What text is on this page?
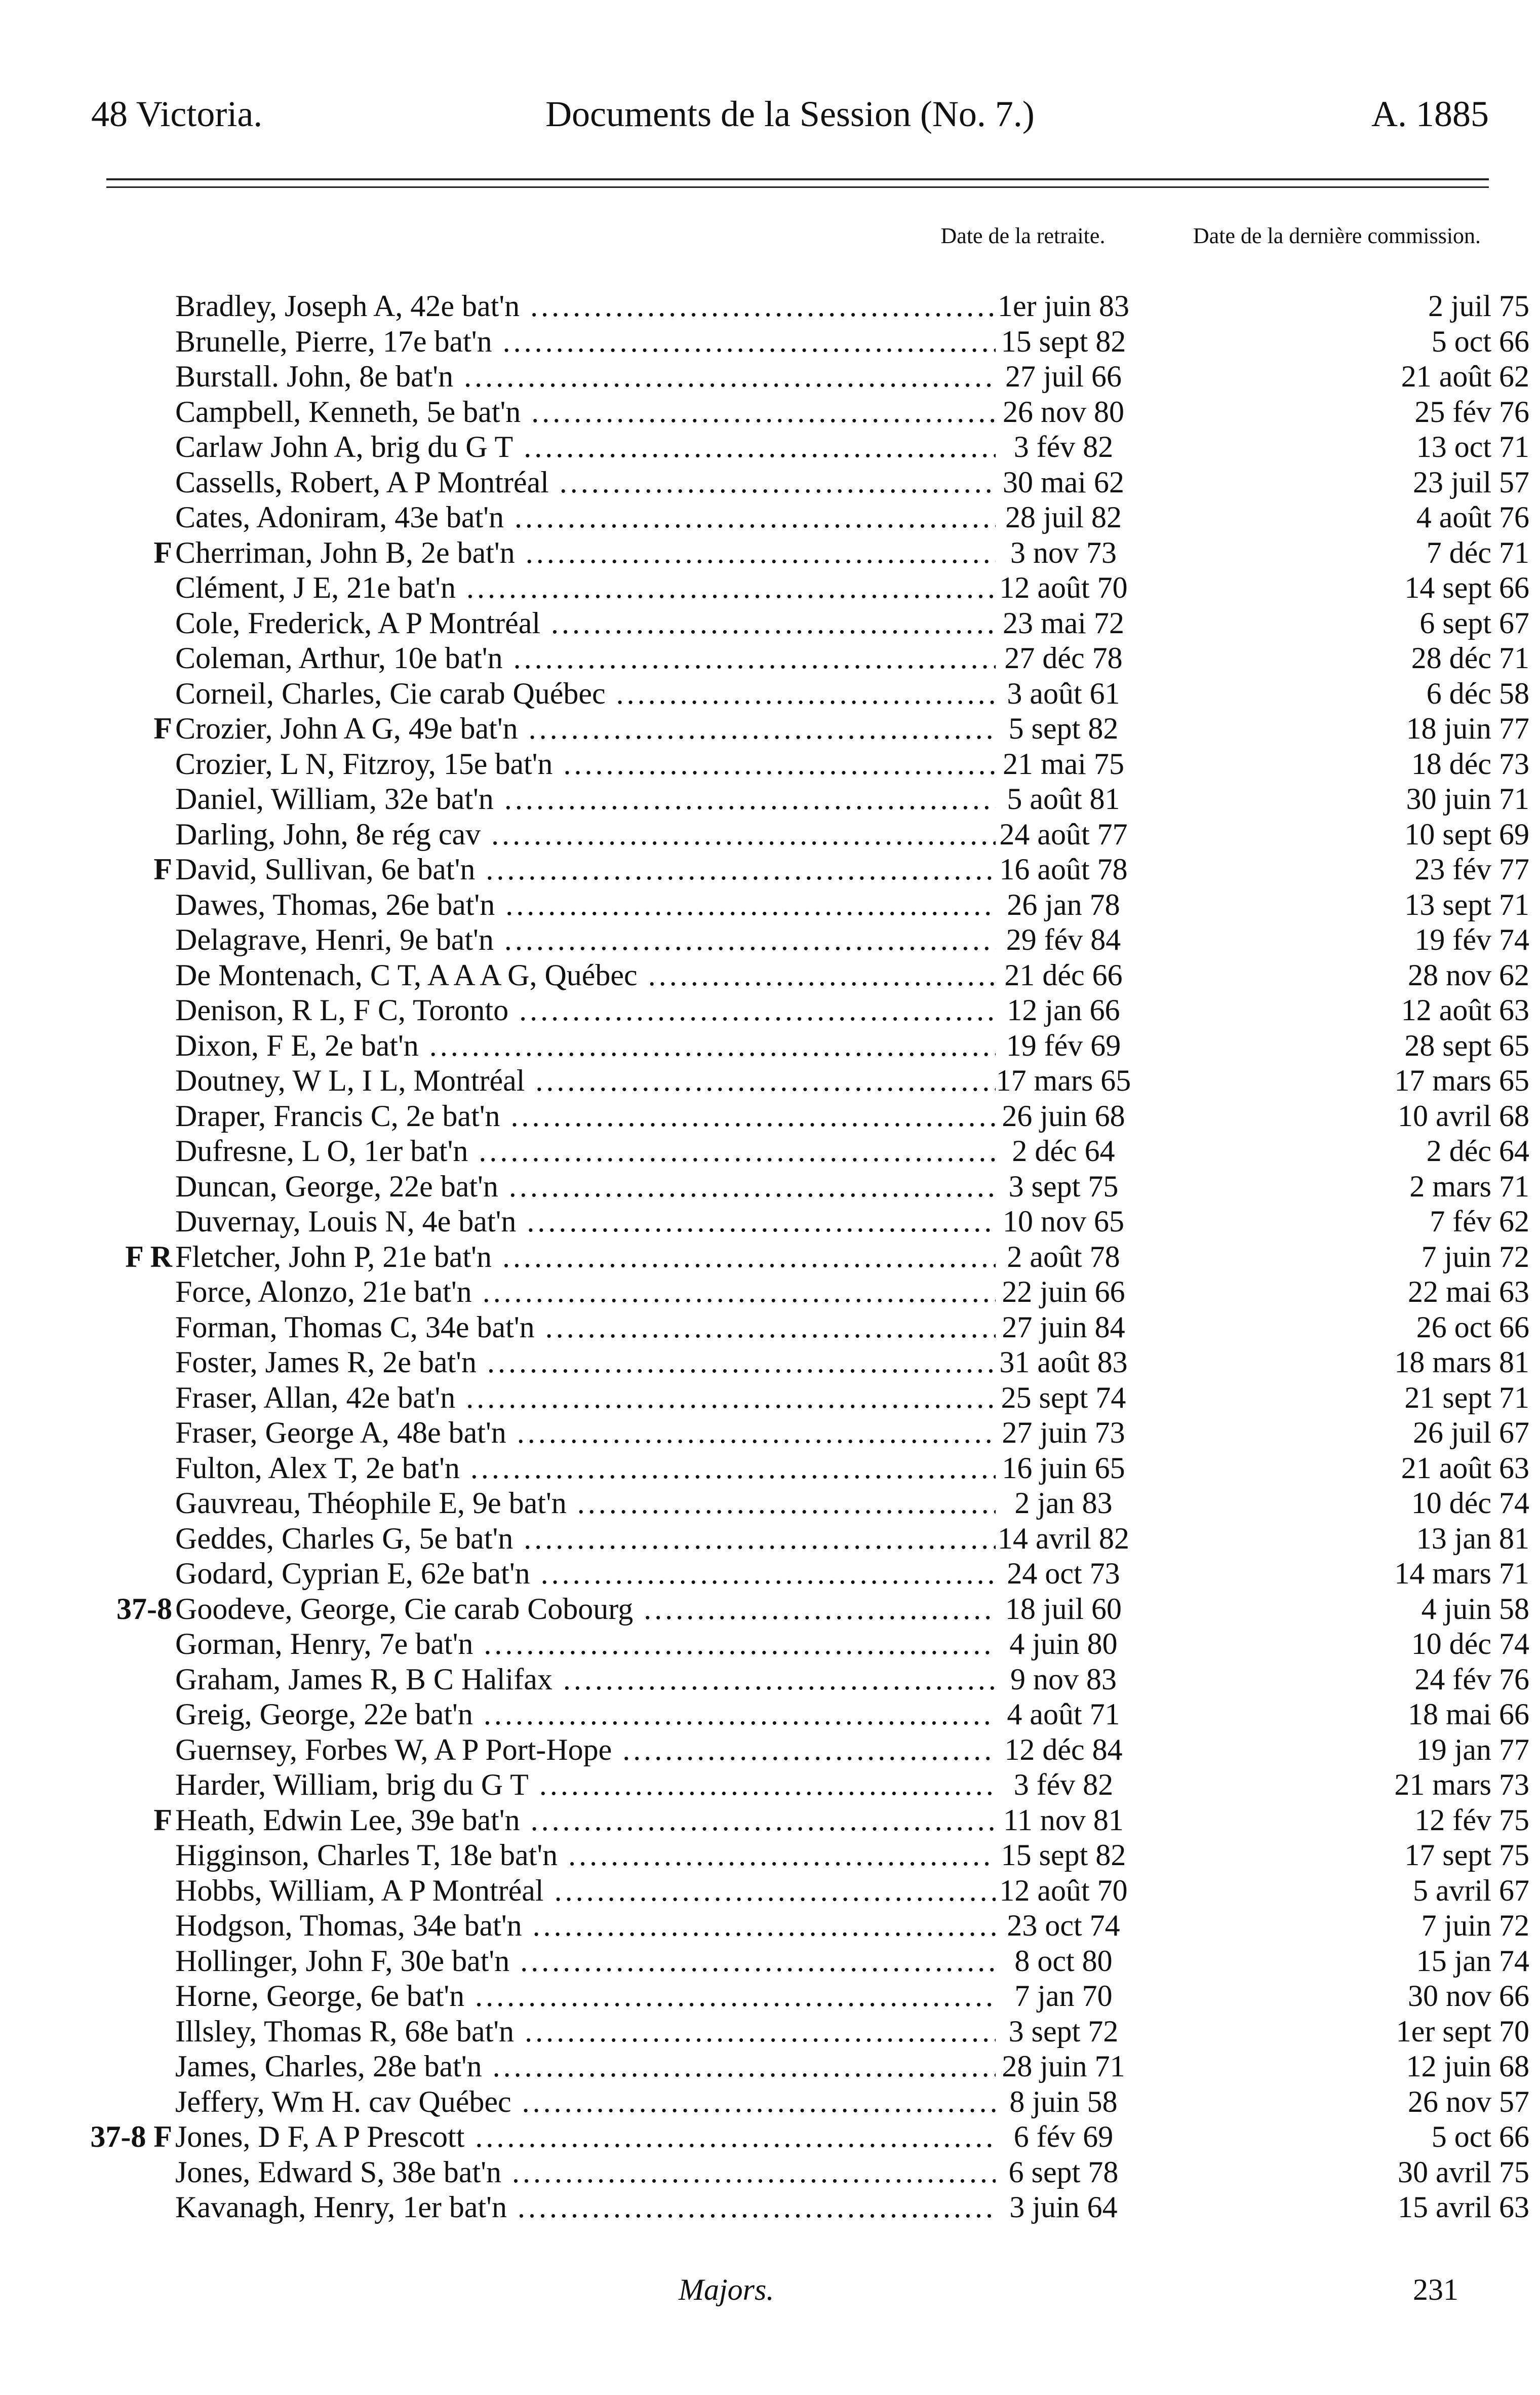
48 Victoria.	Documents de la Session (No. 7.)	A. 1885
Date de la retraite.	Date de la dernière commission.
Bradley, Joseph A, 42e bat'n .....	1er juin 83	2 juil 75
Brunelle, Pierre, 17e bat'n .....	15 sept 82	5 oct 66
Burstall. John, 8e bat'n .....	27 juil 66	21 août 62
Campbell, Kenneth, 5e bat'n .....	26 nov 80	25 fév 76
Carlaw John A, brig du G T .....	3 fév 82	13 oct 71
Cassells, Robert, A P Montréal .....	30 mai 62	23 juil 57
Cates, Adoniram, 43e bat'n .....	28 juil 82	4 août 76
F Cherriman, John B, 2e bat'n .....	3 nov 73	7 déc 71
Clément, J E, 21e bat'n .....	12 août 70	14 sept 66
Cole, Frederick, A P Montréal .....	23 mai 72	6 sept 67
Coleman, Arthur, 10e bat'n .....	27 déc 78	28 déc 71
Corneil, Charles, Cie carab Québec .....	3 août 61	6 déc 58
F Crozier, John A G, 49e bat'n .....	5 sept 82	18 juin 77
Crozier, L N, Fitzroy, 15e bat'n .....	21 mai 75	18 déc 73
Daniel, William, 32e bat'n .....	5 août 81	30 juin 71
Darling, John, 8e rég cav .....	24 août 77	10 sept 69
F David, Sullivan, 6e bat'n .....	16 août 78	23 fév 77
Dawes, Thomas, 26e bat'n .....	26 jan 78	13 sept 71
Delagrave, Henri, 9e bat'n .....	29 fév 84	19 fév 74
De Montenach, C T, A A A G, Québec .....	21 déc 66	28 nov 62
Denison, R L, F C, Toronto .....	12 jan 66	12 août 63
Dixon, F E, 2e bat'n .....	19 fév 69	28 sept 65
Doutney, W L, I L, Montréal .....	17 mars 65	17 mars 65
Draper, Francis C, 2e bat'n .....	26 juin 68	10 avril 68
Dufresne, L O, 1er bat'n .....	2 déc 64	2 déc 64
Duncan, George, 22e bat'n .....	3 sept 75	2 mars 71
Duvernay, Louis N, 4e bat'n .....	10 nov 65	7 fév 62
F R Fletcher, John P, 21e bat'n .....	2 août 78	7 juin 72
Force, Alonzo, 21e bat'n .....	22 juin 66	22 mai 63
Forman, Thomas C, 34e bat'n .....	27 juin 84	26 oct 66
Foster, James R, 2e bat'n .....	31 août 83	18 mars 81
Fraser, Allan, 42e bat'n .....	25 sept 74	21 sept 71
Fraser, George A, 48e bat'n .....	27 juin 73	26 juil 67
Fulton, Alex T, 2e bat'n .....	16 juin 65	21 août 63
Gauvreau, Théophile E, 9e bat'n .....	2 jan 83	10 déc 74
Geddes, Charles G, 5e bat'n .....	14 avril 82	13 jan 81
Godard, Cyprian E, 62e bat'n .....	24 oct 73	14 mars 71
37-8 Goodeve, George, Cie carab Cobourg .....	18 juil 60	4 juin 58
Gorman, Henry, 7e bat'n .....	4 juin 80	10 déc 74
Graham, James R, B C Halifax .....	9 nov 83	24 fév 76
Greig, George, 22e bat'n .....	4 août 71	18 mai 66
Guernsey, Forbes W, A P Port-Hope .....	12 déc 84	19 jan 77
Harder, William, brig du G T .....	3 fév 82	21 mars 73
F Heath, Edwin Lee, 39e bat'n .....	11 nov 81	12 fév 75
Higginson, Charles T, 18e bat'n .....	15 sept 82	17 sept 75
Hobbs, William, A P Montréal .....	12 août 70	5 avril 67
Hodgson, Thomas, 34e bat'n .....	23 oct 74	7 juin 72
Hollinger, John F, 30e bat'n .....	8 oct 80	15 jan 74
Horne, George, 6e bat'n .....	7 jan 70	30 nov 66
Illsley, Thomas R, 68e bat'n .....	3 sept 72	1er sept 70
James, Charles, 28e bat'n .....	28 juin 71	12 juin 68
Jeffery, Wm H. cav Québec .....	8 juin 58	26 nov 57
37-8 F Jones, D F, A P Prescott .....	6 fév 69	5 oct 66
Jones, Edward S, 38e bat'n .....	6 sept 78	30 avril 75
Kavanagh, Henry, 1er bat'n .....	3 juin 64	15 avril 63
Majors.	231
